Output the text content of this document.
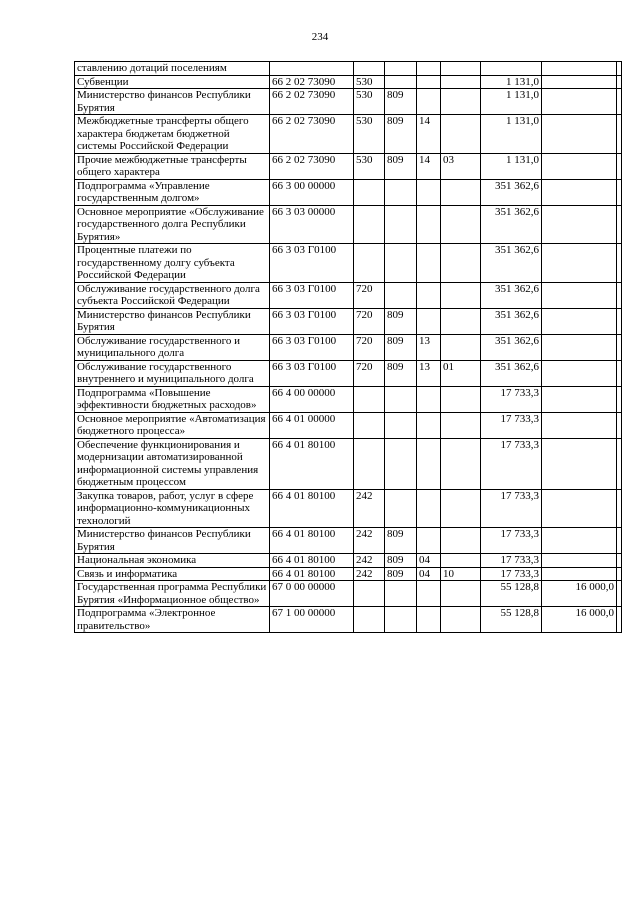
234
ставлению дотаций поселениям								
Субвенции	66 2 02 73090	530				1 131,0		
Министерство финансов Республики Бурятия	66 2 02 73090	530	809			1 131,0		
Межбюджетные трансферты общего характера бюджетам бюджетной системы Российской Федерации	66 2 02 73090	530	809	14		1 131,0		
Прочие межбюджетные трансферты общего характера	66 2 02 73090	530	809	14	03	1 131,0		
Подпрограмма «Управление государственным долгом»	66 3 00 00000					351 362,6		
Основное мероприятие «Обслуживание государственного долга Республики Бурятия»	66 3 03 00000					351 362,6		
Процентные платежи по государственному долгу субъекта Российской Федерации	66 3 03 Г0100					351 362,6		
Обслуживание государственного долга субъекта Российской Федерации	66 3 03 Г0100	720				351 362,6		
Министерство финансов Республики Бурятия	66 3 03 Г0100	720	809			351 362,6		
Обслуживание государственного и муниципального долга	66 3 03 Г0100	720	809	13		351 362,6		
Обслуживание государственного внутреннего и муниципального долга	66 3 03 Г0100	720	809	13	01	351 362,6		
Подпрограмма «Повышение эффективности бюджетных расходов»	66 4 00 00000					17 733,3		
Основное мероприятие «Автоматизация бюджетного процесса»	66 4 01 00000					17 733,3		
Обеспечение функционирования и модернизации автоматизированной информационной системы управления бюджетным процессом	66 4 01 80100					17 733,3		
Закупка товаров, работ, услуг в сфере информационно-коммуникационных технологий	66 4 01 80100	242				17 733,3		
Министерство финансов Республики Бурятия	66 4 01 80100	242	809			17 733,3		
Национальная экономика	66 4 01 80100	242	809	04		17 733,3		
Связь и информатика	66 4 01 80100	242	809	04	10	17 733,3		
Государственная программа Республики Бурятия «Информационное общество»	67 0 00 00000					55 128,8	16 000,0	
Подпрограмма «Электронное правительство»	67 1 00 00000					55 128,8	16 000,0	
